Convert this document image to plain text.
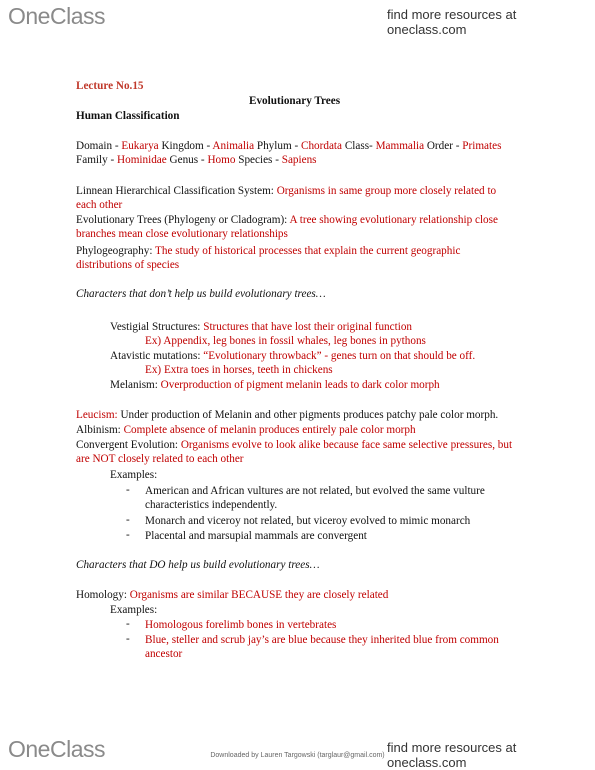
OneClass	find more resources at oneclass.com
Lecture No.15
Evolutionary Trees
Human Classification
Domain - Eukarya Kingdom - Animalia Phylum - Chordata Class- Mammalia Order - Primates
Family - Hominidae Genus - Homo Species - Sapiens
Linnean Hierarchical Classification System: Organisms in same group more closely related to
each other
Evolutionary Trees (Phylogeny or Cladogram): A tree showing evolutionary relationship close
branches mean close evolutionary relationships
Phylogeography: The study of historical processes that explain the current geographic
distributions of species
Characters that don’t help us build evolutionary trees…
Vestigial Structures: Structures that have lost their original function
Ex) Appendix, leg bones in fossil whales, leg bones in pythons
Atavistic mutations: “Evolutionary throwback” - genes turn on that should be off.
Ex) Extra toes in horses, teeth in chickens
Melanism: Overproduction of pigment melanin leads to dark color morph
Leucism: Under production of Melanin and other pigments produces patchy pale color morph.
Albinism: Complete absence of melanin produces entirely pale color morph
Convergent Evolution: Organisms evolve to look alike because face same selective pressures, but
are NOT closely related to each other
Examples:
- American and African vultures are not related, but evolved the same vulture
characteristics independently.
- Monarch and viceroy not related, but viceroy evolved to mimic monarch
- Placental and marsupial mammals are convergent
Characters that DO help us build evolutionary trees…
Homology: Organisms are similar BECAUSE they are closely related
Examples:
- Homologous forelimb bones in vertebrates
- Blue, steller and scrub jay’s are blue because they inherited blue from common
ancestor
OneClass	find more resources at oneclass.com
Downloaded by Lauren Targowski (targlaur@gmail.com)
